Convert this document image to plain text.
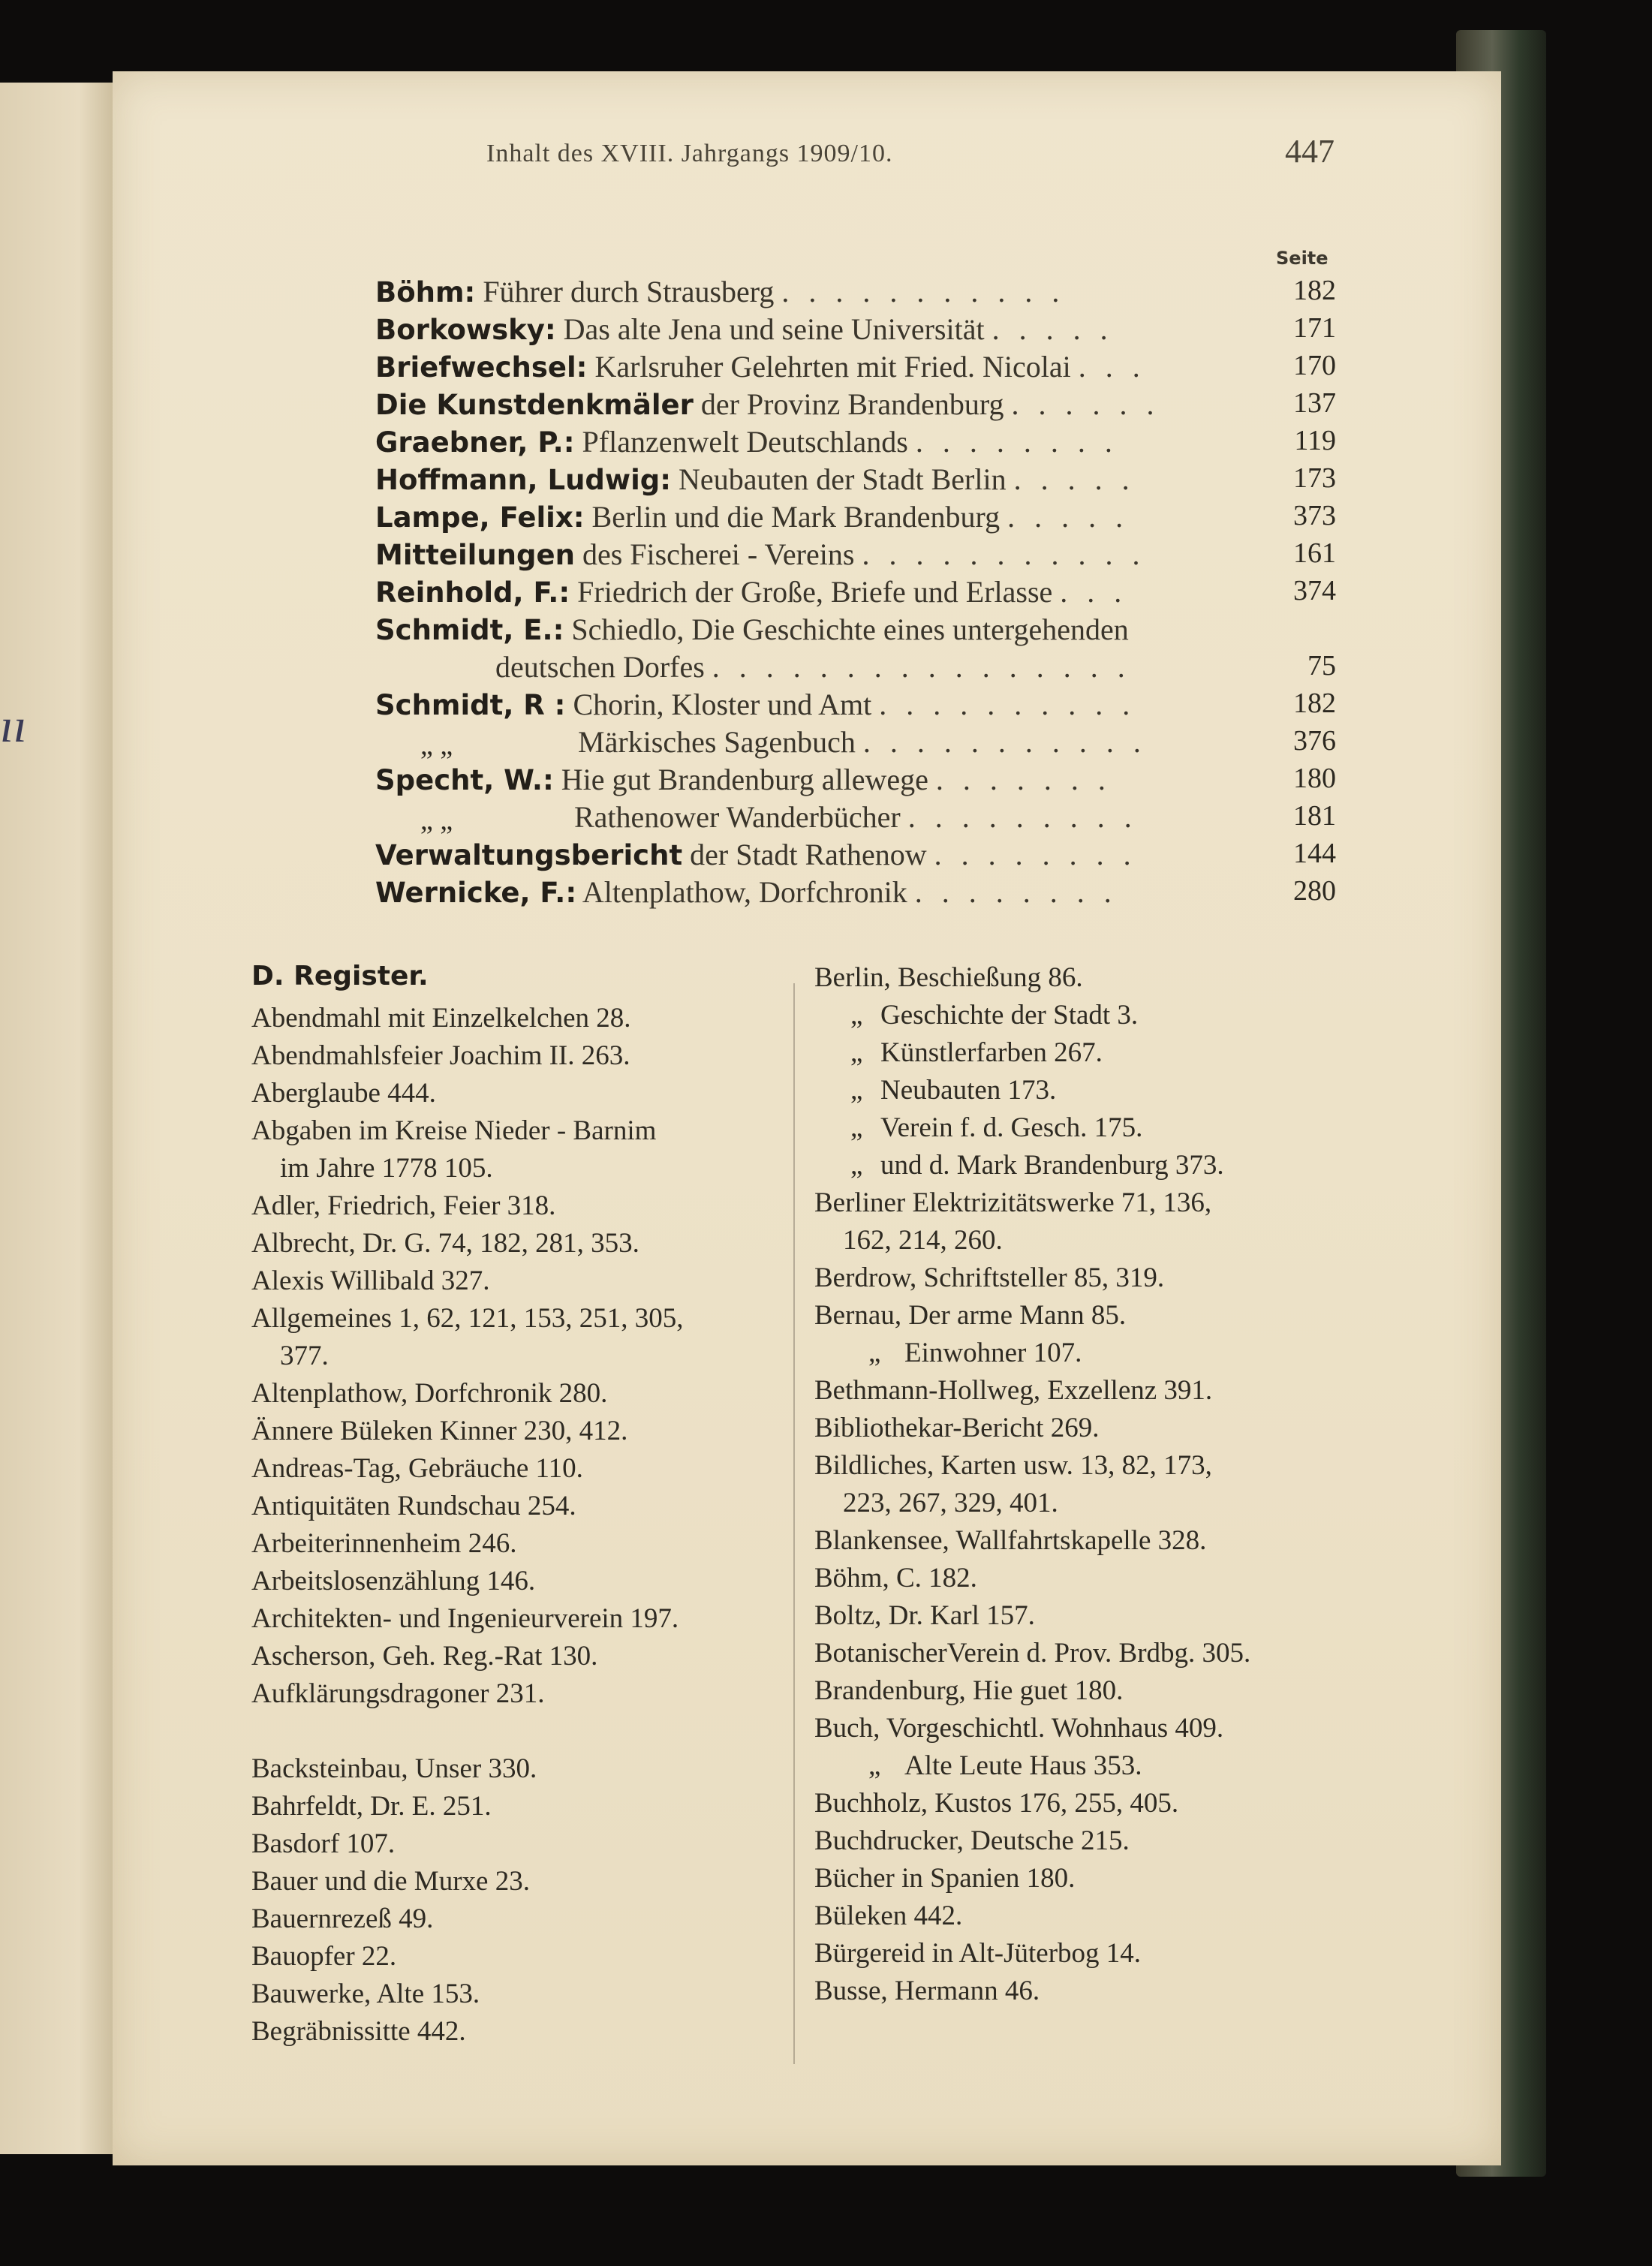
ıı
Inhalt des XVIII. Jahrgangs 1909/10.	447
Seite
Böhm: Führer durch Strausberg . . . . . . . . . . .	182
Borkowsky: Das alte Jena und seine Universität . . . . .	171
Briefwechsel: Karlsruher Gelehrten mit Fried. Nicolai . . .	170
Die Kunstdenkmäler der Provinz Brandenburg . . . . . .	137
Graebner, P.: Pflanzenwelt Deutschlands . . . . . . . .	119
Hoffmann, Ludwig: Neubauten der Stadt Berlin . . . . .	173
Lampe, Felix: Berlin und die Mark Brandenburg . . . . .	373
Mitteilungen des Fischerei - Vereins . . . . . . . . . . .	161
Reinhold, F.: Friedrich der Große, Briefe und Erlasse . . .	374
Schmidt, E.: Schiedlo, Die Geschichte eines untergehenden
deutschen Dorfes . . . . . . . . . . . . . . . .	75
Schmidt, R : Chorin, Kloster und Amt . . . . . . . . . .	182
„ „	Märkisches Sagenbuch . . . . . . . . . . .	376
Specht, W.: Hie gut Brandenburg allewege . . . . . . .	180
„ „	Rathenower Wanderbücher . . . . . . . . .	181
Verwaltungsbericht der Stadt Rathenow . . . . . . . .	144
Wernicke, F.: Altenplathow, Dorfchronik . . . . . . . .	280
D. Register.
Abendmahl mit Einzelkelchen 28.
Abendmahlsfeier Joachim II. 263.
Aberglaube 444.
Abgaben im Kreise Nieder - Barnim
im Jahre 1778 105.
Adler, Friedrich, Feier 318.
Albrecht, Dr. G. 74, 182, 281, 353.
Alexis Willibald 327.
Allgemeines 1, 62, 121, 153, 251, 305,
377.
Altenplathow, Dorfchronik 280.
Ännere Büleken Kinner 230, 412.
Andreas-Tag, Gebräuche 110.
Antiquitäten Rundschau 254.
Arbeiterinnenheim 246.
Arbeitslosenzählung 146.
Architekten- und Ingenieurverein 197.
Ascherson, Geh. Reg.-Rat 130.
Aufklärungsdragoner 231.
Backsteinbau, Unser 330.
Bahrfeldt, Dr. E. 251.
Basdorf 107.
Bauer und die Murxe 23.
Bauernrezeß 49.
Bauopfer 22.
Bauwerke, Alte 153.
Begräbnissitte 442.
Berlin, Beschießung 86.
„ Geschichte der Stadt 3.
„ Künstlerfarben 267.
„ Neubauten 173.
„ Verein f. d. Gesch. 175.
„ und d. Mark Brandenburg 373.
Berliner Elektrizitätswerke 71, 136,
162, 214, 260.
Berdrow, Schriftsteller 85, 319.
Bernau, Der arme Mann 85.
„ Einwohner 107.
Bethmann-Hollweg, Exzellenz 391.
Bibliothekar-Bericht 269.
Bildliches, Karten usw. 13, 82, 173,
223, 267, 329, 401.
Blankensee, Wallfahrtskapelle 328.
Böhm, C. 182.
Boltz, Dr. Karl 157.
BotanischerVerein d. Prov. Brdbg. 305.
Brandenburg, Hie guet 180.
Buch, Vorgeschichtl. Wohnhaus 409.
„ Alte Leute Haus 353.
Buchholz, Kustos 176, 255, 405.
Buchdrucker, Deutsche 215.
Bücher in Spanien 180.
Büleken 442.
Bürgereid in Alt-Jüterbog 14.
Busse, Hermann 46.
